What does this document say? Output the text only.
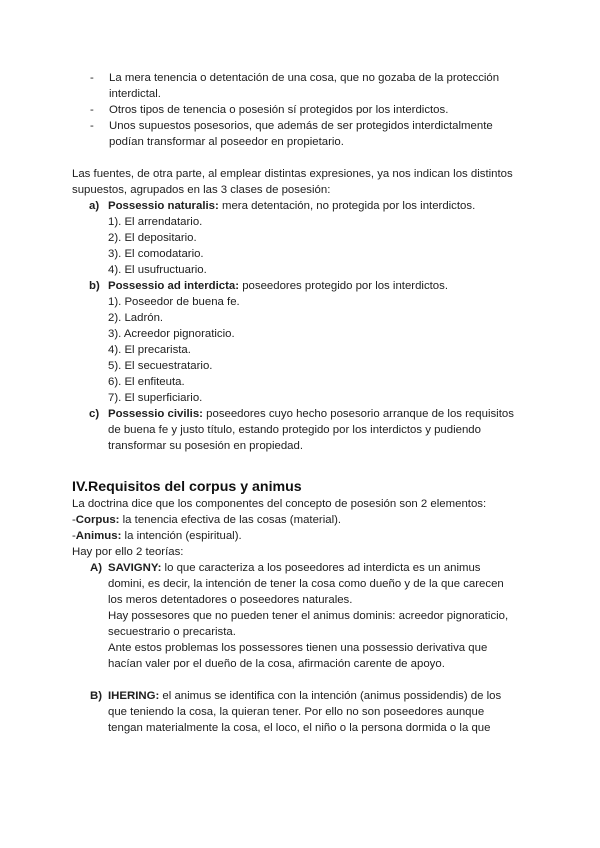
- La mera tenencia o detentación de una cosa, que no gozaba de la protección interdictal.
- Otros tipos de tenencia o posesión sí protegidos por los interdictos.
- Unos supuestos posesorios, que además de ser protegidos interdictalmente podían transformar al poseedor en propietario.

Las fuentes, de otra parte, al emplear distintas expresiones, ya nos indican los distintos supuestos, agrupados en las 3 clases de posesión:

a) Possessio naturalis: mera detentación, no protegida por los interdictos.
1). El arrendatario.
2). El depositario.
3). El comodatario.
4). El usufructuario.
b) Possessio ad interdicta: poseedores protegido por los interdictos.
1). Poseedor de buena fe.
2). Ladrón.
3). Acreedor pignoraticio.
4). El precarista.
5). El secuestratario.
6). El enfiteuta.
7). El superficiario.
c) Possessio civilis: poseedores cuyo hecho posesorio arranque de los requisitos de buena fe y justo título, estando protegido por los interdictos y pudiendo transformar su posesión en propiedad.
IV.Requisitos del corpus y animus

La doctrina dice que los componentes del concepto de posesión son 2 elementos:

-Corpus: la tenencia efectiva de las cosas (material).

-Animus: la intención (espiritual).

Hay por ello 2 teorías:

A) SAVIGNY: lo que caracteriza a los poseedores ad interdicta es un animus domini, es decir, la intención de tener la cosa como dueño y de la que carecen los meros detentadores o poseedores naturales.

Hay possesores que no pueden tener el animus dominis: acreedor pignoraticio, secuestrario o precarista.

Ante estos problemas los possessores tienen una possessio derivativa que hacían valer por el dueño de la cosa, afirmación carente de apoyo.

B) IHERING: el animus se identifica con la intención (animus possidendis) de los que teniendo la cosa, la quieran tener. Por ello no son poseedores aunque tengan materialmente la cosa, el loco, el niño o la persona dormida o la que
